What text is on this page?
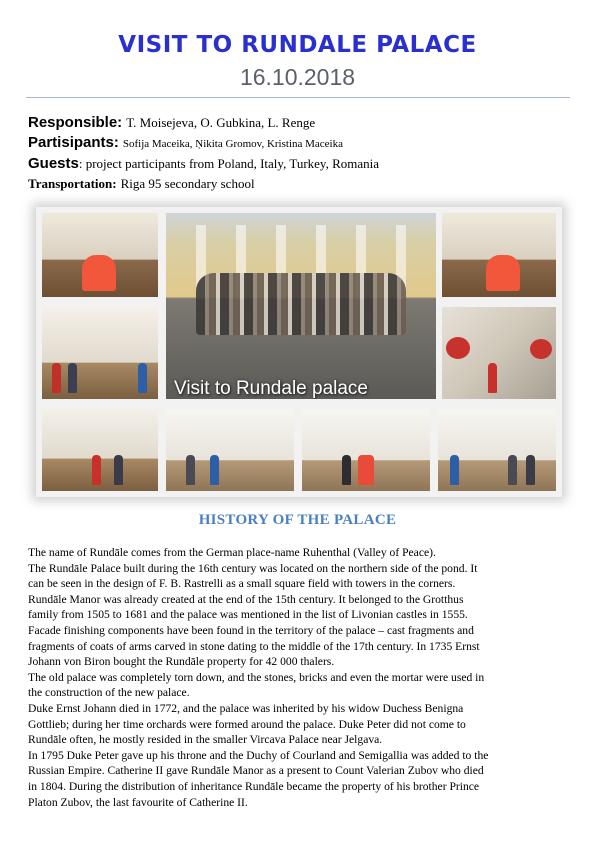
VISIT TO RUNDALE PALACE
16.10.2018
Responsible: T. Moisejeva, O. Gubkina, L. Renge
Partisipants: Sofija Maceika, Ņikita Gromov, Kristina Maceika
Guests: project participants from Poland, Italy, Turkey, Romania
Transportation: Riga 95 secondary school
Visit to Rundale palace
HISTORY OF THE PALACE

The name of Rundāle comes from the German place-name Ruhenthal (Valley of Peace).

The Rundāle Palace built during the 16th century was located on the northern side of the pond. It

can be seen in the design of F. B. Rastrelli as a small square field with towers in the corners.

Rundāle Manor was already created at the end of the 15th century. It belonged to the Grotthus

family from 1505 to 1681 and the palace was mentioned in the list of Livonian castles in 1555.

Facade finishing components have been found in the territory of the palace – cast fragments and

fragments of coats of arms carved in stone dating to the middle of the 17th century. In 1735 Ernst

Johann von Biron bought the Rundāle property for 42 000 thalers.

The old palace was completely torn down, and the stones, bricks and even the mortar were used in

the construction of the new palace.

Duke Ernst Johann died in 1772, and the palace was inherited by his widow Duchess Benigna

Gottlieb; during her time orchards were formed around the palace. Duke Peter did not come to

Rundāle often, he mostly resided in the smaller Vircava Palace near Jelgava.

In 1795 Duke Peter gave up his throne and the Duchy of Courland and Semigallia was added to the

Russian Empire. Catherine II gave Rundāle Manor as a present to Count Valerian Zubov who died

in 1804. During the distribution of inheritance Rundāle became the property of his brother Prince

Platon Zubov, the last favourite of Catherine II.
